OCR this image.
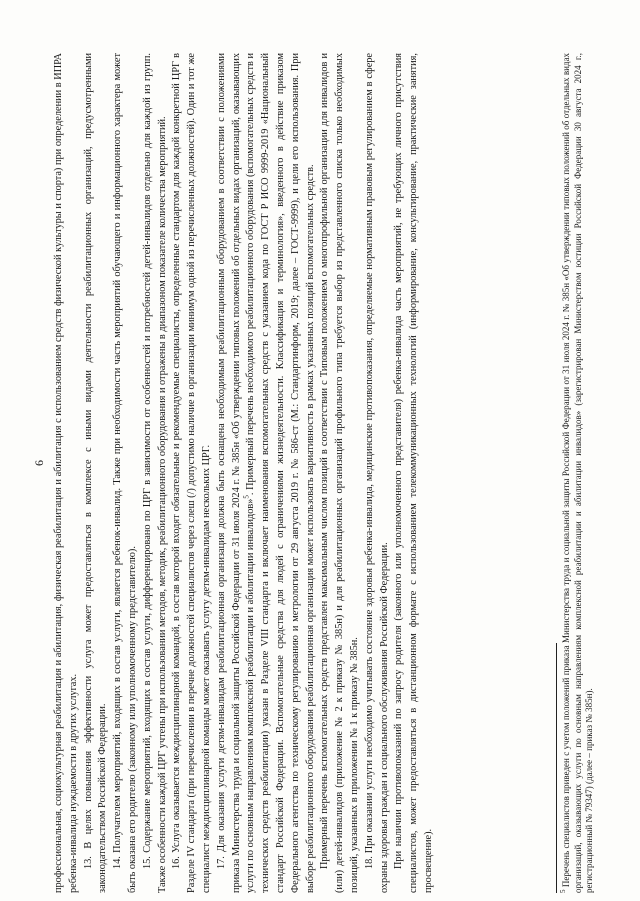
6 профессиональная, социокультурная реабилитация и абилитация, физическая реабилитация и абилитация с использованием средств физической культуры и спорта) при определении в ИПРА ребенка-инвалида нуждаемости в других услугах. 13. В целях повышения эффективности услуга может предоставляться в комплексе с иными видами деятельности реабилитационных организаций, предусмотренными законодательством Российской Федерации. 14. Получателем мероприятий, входящих в состав услуги, является ребенок-инвалид. Также при необходимости часть мероприятий обучающего и информационного характера может быть оказана его родителю (законному или уполномоченному представителю). 15. Содержание мероприятий, входящих в состав услуги, дифференцировано по ЦРГ в зависимости от особенностей и потребностей детей-инвалидов отдельно для каждой из групп. Также особенности каждой ЦРГ учтены при использовании методов, методик, реабилитационного оборудования и отражены в диапазоном показателе количества мероприятий. 16. Услуга оказывается междисциплинарной командой, в состав которой входят обязательные и рекомендуемые специалисты, определенные стандартом для каждой конкретной ЦРГ в Разделе IV стандарта (при перечислении в перечне должностей специалистов через слеш (/) допустимо наличие в организации минимум одной из перечисленных должностей). Один и тот же специалист междисциплинарной команды может оказывать услугу детям-инвалидам нескольких ЦРГ. 17. Для оказания услуги детям-инвалидам реабилитационная организация должна быть оснащена необходимым реабилитационным оборудованием в соответствии с положениями приказа Министерства труда и социальной защиты Российской Федерации от 31 июля 2024 г. № 385н «Об утверждении типовых положений об отдельных видах организаций, оказывающих услуги по основным направлениям комплексной реабилитации и абилитации инвалидов»$^5$. Примерный перечень необходимого реабилитационного оборудования (вспомогательных средств и технических средств реабилитации) указан в Разделе VIII стандарта и включает наименования вспомогательных средств с указанием кода по ГОСТ Р ИСО 9999-2019 «Национальный стандарт Российской Федерации. Вспомогательные средства для людей с ограничениями жизнедеятельности. Классификация и терминология», введенного в действие приказом Федерального агентства по техническому регулированию и метрологии от 29 августа 2019 г. № 586-ст (М.: Стандартинформ, 2019; далее – ГОСТ-9999), и цели его использования. При выборе реабилитационного оборудования реабилитационная организация может использовать вариативность в рамках указанных позиций вспомогательных средств. Примерный перечень вспомогательных средств представлен максимальным числом позиций в соответствии с Типовым положением о многопрофильной организации для инвалидов и (или) детей-инвалидов (приложение № 2 к приказу № 385н) и для реабилитационных организаций профильного типа требуется выбор из представленного списка только необходимых позиций, указанных в приложении № 1 к приказу № 385н. 18. При оказании услуги необходимо учитывать состояние здоровья ребенка-инвалида, медицинские противопоказания, определяемые нормативным правовым регулированием в сфере охраны здоровья граждан и социального обслуживания Российской Федерации. При наличии противопоказаний по запросу родителя (законного или уполномоченного представителя) ребенка-инвалида часть мероприятий, не требующих личного присутствия специалистов, может предоставляться в дистанционном формате с использованием телекоммуникационных технологий (информирование, консультирование, практические занятия, просвещение).	$^5$ Перечень специалистов приведен с учетом положений приказа Министерства труда и социальной защиты Российской Федерации от 31 июля 2024 г. № 385н «Об утверждении типовых положений об отдельных видах организаций, оказывающих услуги по основным направлениям комплексной реабилитации и абилитации инвалидов» (зарегистрирован Министерством юстиции Российской Федерации 30 августа 2024 г., регистрационный № 79347) (далее – приказ № 385н).
